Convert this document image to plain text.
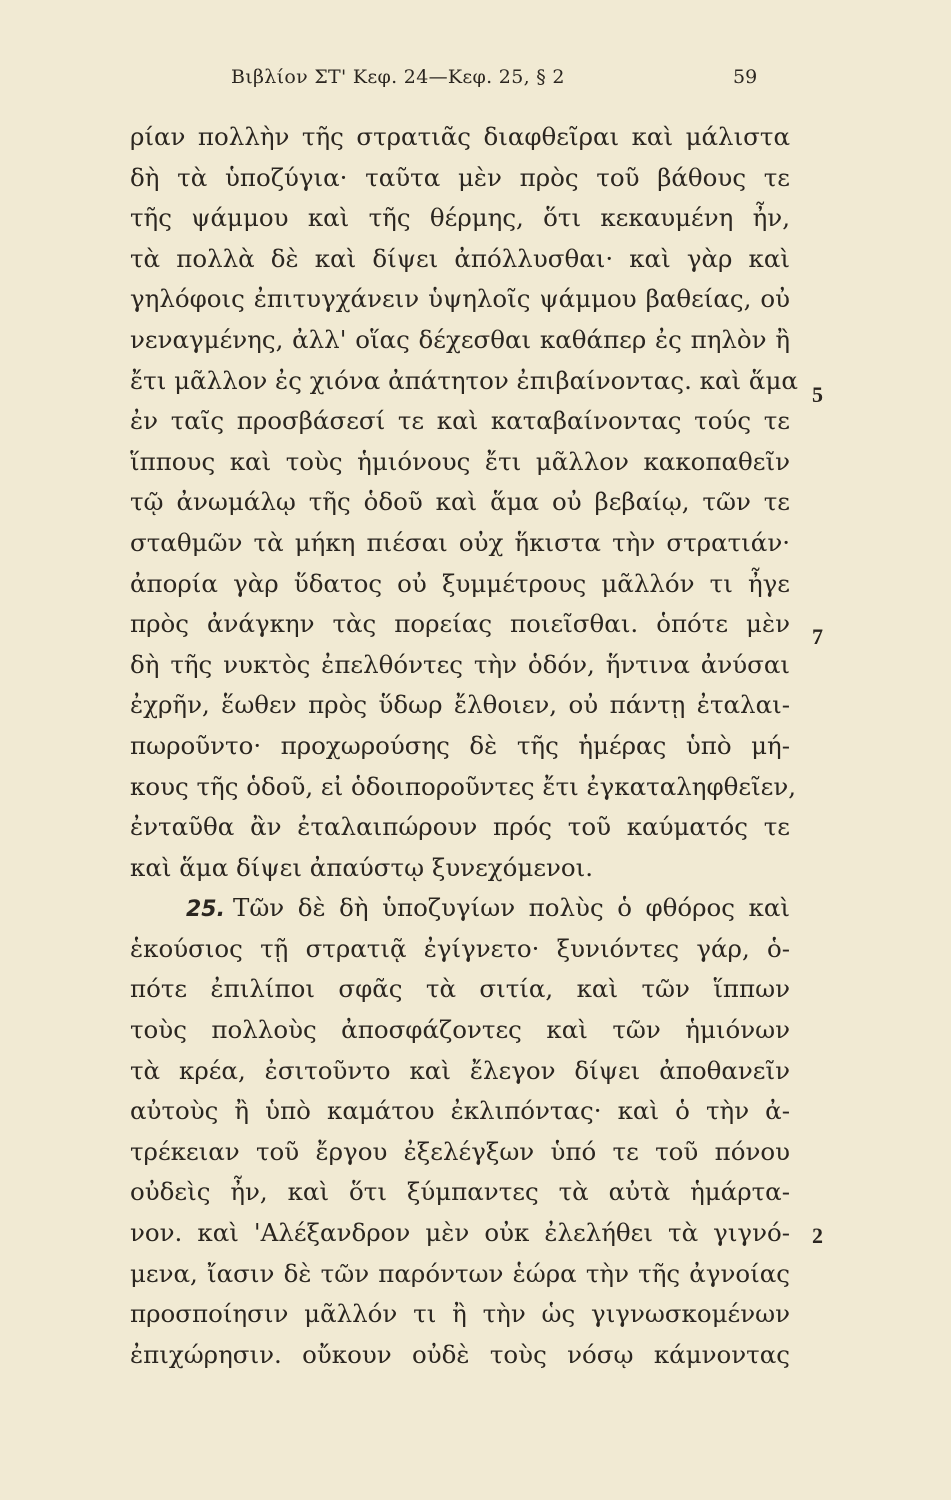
Βιβλίον ΣΤ' Κεφ. 24—Κεφ. 25, § 2	59
ρίαν πολλὴν τῆς στρατιᾶς διαφθεῖραι καὶ μάλιστα
δὴ τὰ ὑποζύγια· ταῦτα μὲν πρὸς τοῦ βάθους τε
τῆς ψάμμου καὶ τῆς θέρμης, ὅτι κεκαυμένη ἦν,
τὰ πολλὰ δὲ καὶ δίψει ἀπόλλυσθαι· καὶ γὰρ καὶ
γηλόφοις ἐπιτυγχάνειν ὑψηλοῖς ψάμμου βαθείας, οὐ
νεναγμένης, ἀλλ' οἵας δέχεσθαι καθάπερ ἐς πηλὸν ἢ
ἔτι μᾶλλον ἐς χιόνα ἀπάτητον ἐπιβαίνοντας. καὶ ἅμα
ἐν ταῖς προσβάσεσί τε καὶ καταβαίνοντας τούς τε
ἵππους καὶ τοὺς ἡμιόνους ἔτι μᾶλλον κακοπαθεῖν
τῷ ἀνωμάλῳ τῆς ὁδοῦ καὶ ἅμα οὐ βεβαίῳ, τῶν τε
σταθμῶν τὰ μήκη πιέσαι οὐχ ἥκιστα τὴν στρατιάν·
ἀπορία γὰρ ὕδατος οὐ ξυμμέτρους μᾶλλόν τι ἦγε
πρὸς ἀνάγκην τὰς πορείας ποιεῖσθαι. ὁπότε μὲν
δὴ τῆς νυκτὸς ἐπελθόντες τὴν ὁδόν, ἥντινα ἀνύσαι
ἐχρῆν, ἕωθεν πρὸς ὕδωρ ἔλθοιεν, οὐ πάντῃ ἐταλαι-
πωροῦντο· προχωρούσης δὲ τῆς ἡμέρας ὑπὸ μή-
κους τῆς ὁδοῦ, εἰ ὁδοιποροῦντες ἔτι ἐγκαταληφθεῖεν,
ἐνταῦθα ἂν ἐταλαιπώρουν πρός τοῦ καύματός τε
καὶ ἅμα δίψει ἀπαύστῳ ξυνεχόμενοι.
25. Τῶν δὲ δὴ ὑποζυγίων πολὺς ὁ φθόρος καὶ
ἑκούσιος τῇ στρατιᾷ ἐγίγνετο· ξυνιόντες γάρ, ὁ-
πότε ἐπιλίποι σφᾶς τὰ σιτία, καὶ τῶν ἵππων
τοὺς πολλοὺς ἀποσφάζοντες καὶ τῶν ἡμιόνων
τὰ κρέα, ἐσιτοῦντο καὶ ἔλεγον δίψει ἀποθανεῖν
αὐτοὺς ἢ ὑπὸ καμάτου ἐκλιπόντας· καὶ ὁ τὴν ἀ-
τρέκειαν τοῦ ἔργου ἐξελέγξων ὑπό τε τοῦ πόνου
οὐδεὶς ἦν, καὶ ὅτι ξύμπαντες τὰ αὐτὰ ἡμάρτα-
νον. καὶ 'Αλέξανδρον μὲν οὐκ ἐλελήθει τὰ γιγνό-
μενα, ἴασιν δὲ τῶν παρόντων ἑώρα τὴν τῆς ἀγνοίας
προσποίησιν μᾶλλόν τι ἢ τὴν ὡς γιγνωσκομένων
ἐπιχώρησιν. οὔκουν οὐδὲ τοὺς νόσῳ κάμνοντας
5
7
2
